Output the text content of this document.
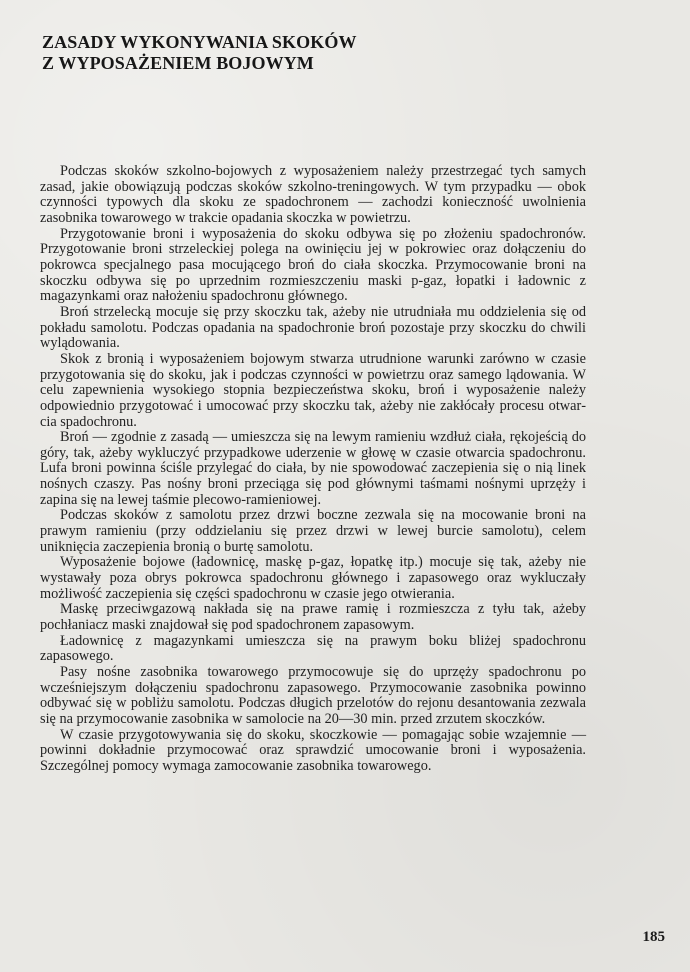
ZASADY WYKONYWANIA SKOKÓW
Z WYPOSAŻENIEM BOJOWYM

Podczas skoków szkolno-bojowych z wyposażeniem należy przestrzegać tych samych zasad, jakie obowiązują podczas skoków szkolno-treningowych. W tym przypadku — obok czynności typowych dla skoku ze spadochronem — zachodzi konieczność uwolnienia zasobnika towarowego w trakcie opadania skoczka w powietrzu.

Przygotowanie broni i wyposażenia do skoku odbywa się po złożeniu spadochronów. Przygotowanie broni strzeleckiej polega na owinięciu jej w pokrowiec oraz dołączeniu do pokrowca specjalnego pasa mocującego broń do ciała skoczka. Przymocowanie broni na skoczku odbywa się po uprzednim rozmieszczeniu maski p-gaz, łopatki i ładownic z magazynkami oraz nałożeniu spadochronu głównego.

Broń strzelecką mocuje się przy skoczku tak, ażeby nie utrudniała mu oddzielenia się od pokładu samolotu. Podczas opadania na spadochronie broń pozostaje przy skoczku do chwili wylądowania.

Skok z bronią i wyposażeniem bojowym stwarza utrudnione warunki zarówno w czasie przygotowania się do skoku, jak i podczas czynności w powietrzu oraz samego lądowania. W celu zapewnienia wysokiego stopnia bezpieczeństwa skoku, broń i wyposażenie należy odpowiednio przygotować i umocować przy skoczku tak, ażeby nie zakłócały procesu otwarcia spadochronu.

Broń — zgodnie z zasadą — umieszcza się na lewym ramieniu wzdłuż ciała, rękojeścią do góry, tak, ażeby wykluczyć przypadkowe uderzenie w głowę w czasie otwarcia spadochronu. Lufa broni powinna ściśle przylegać do ciała, by nie spowodować zaczepienia się o nią linek nośnych czaszy. Pas nośny broni przeciąga się pod głównymi taśmami nośnymi uprzęży i zapina się na lewej taśmie plecowo-ramieniowej.

Podczas skoków z samolotu przez drzwi boczne zezwala się na mocowanie broni na prawym ramieniu (przy oddzielaniu się przez drzwi w lewej burcie samolotu), celem uniknięcia zaczepienia bronią o burtę samolotu.

Wyposażenie bojowe (ładownicę, maskę p-gaz, łopatkę itp.) mocuje się tak, ażeby nie wystawały poza obrys pokrowca spadochronu głównego i zapasowego oraz wykluczały możliwość zaczepienia się części spadochronu w czasie jego otwierania.

Maskę przeciwgazową nakłada się na prawe ramię i rozmieszcza z tyłu tak, ażeby pochłaniacz maski znajdował się pod spadochronem zapasowym.

Ładownicę z magazynkami umieszcza się na prawym boku bliżej spadochronu zapasowego.

Pasy nośne zasobnika towarowego przymocowuje się do uprzęży spadochronu po wcześniejszym dołączeniu spadochronu zapasowego. Przymocowanie zasobnika powinno odbywać się w pobliżu samolotu. Podczas długich przelotów do rejonu desantowania zezwala się na przymocowanie zasobnika w samolocie na 20—30 min. przed zrzutem skoczków.

W czasie przygotowywania się do skoku, skoczkowie — pomagając sobie wzajemnie — powinni dokładnie przymocować oraz sprawdzić umocowanie broni i wyposażenia. Szczególnej pomocy wymaga zamocowanie zasobnika towarowego.

185
